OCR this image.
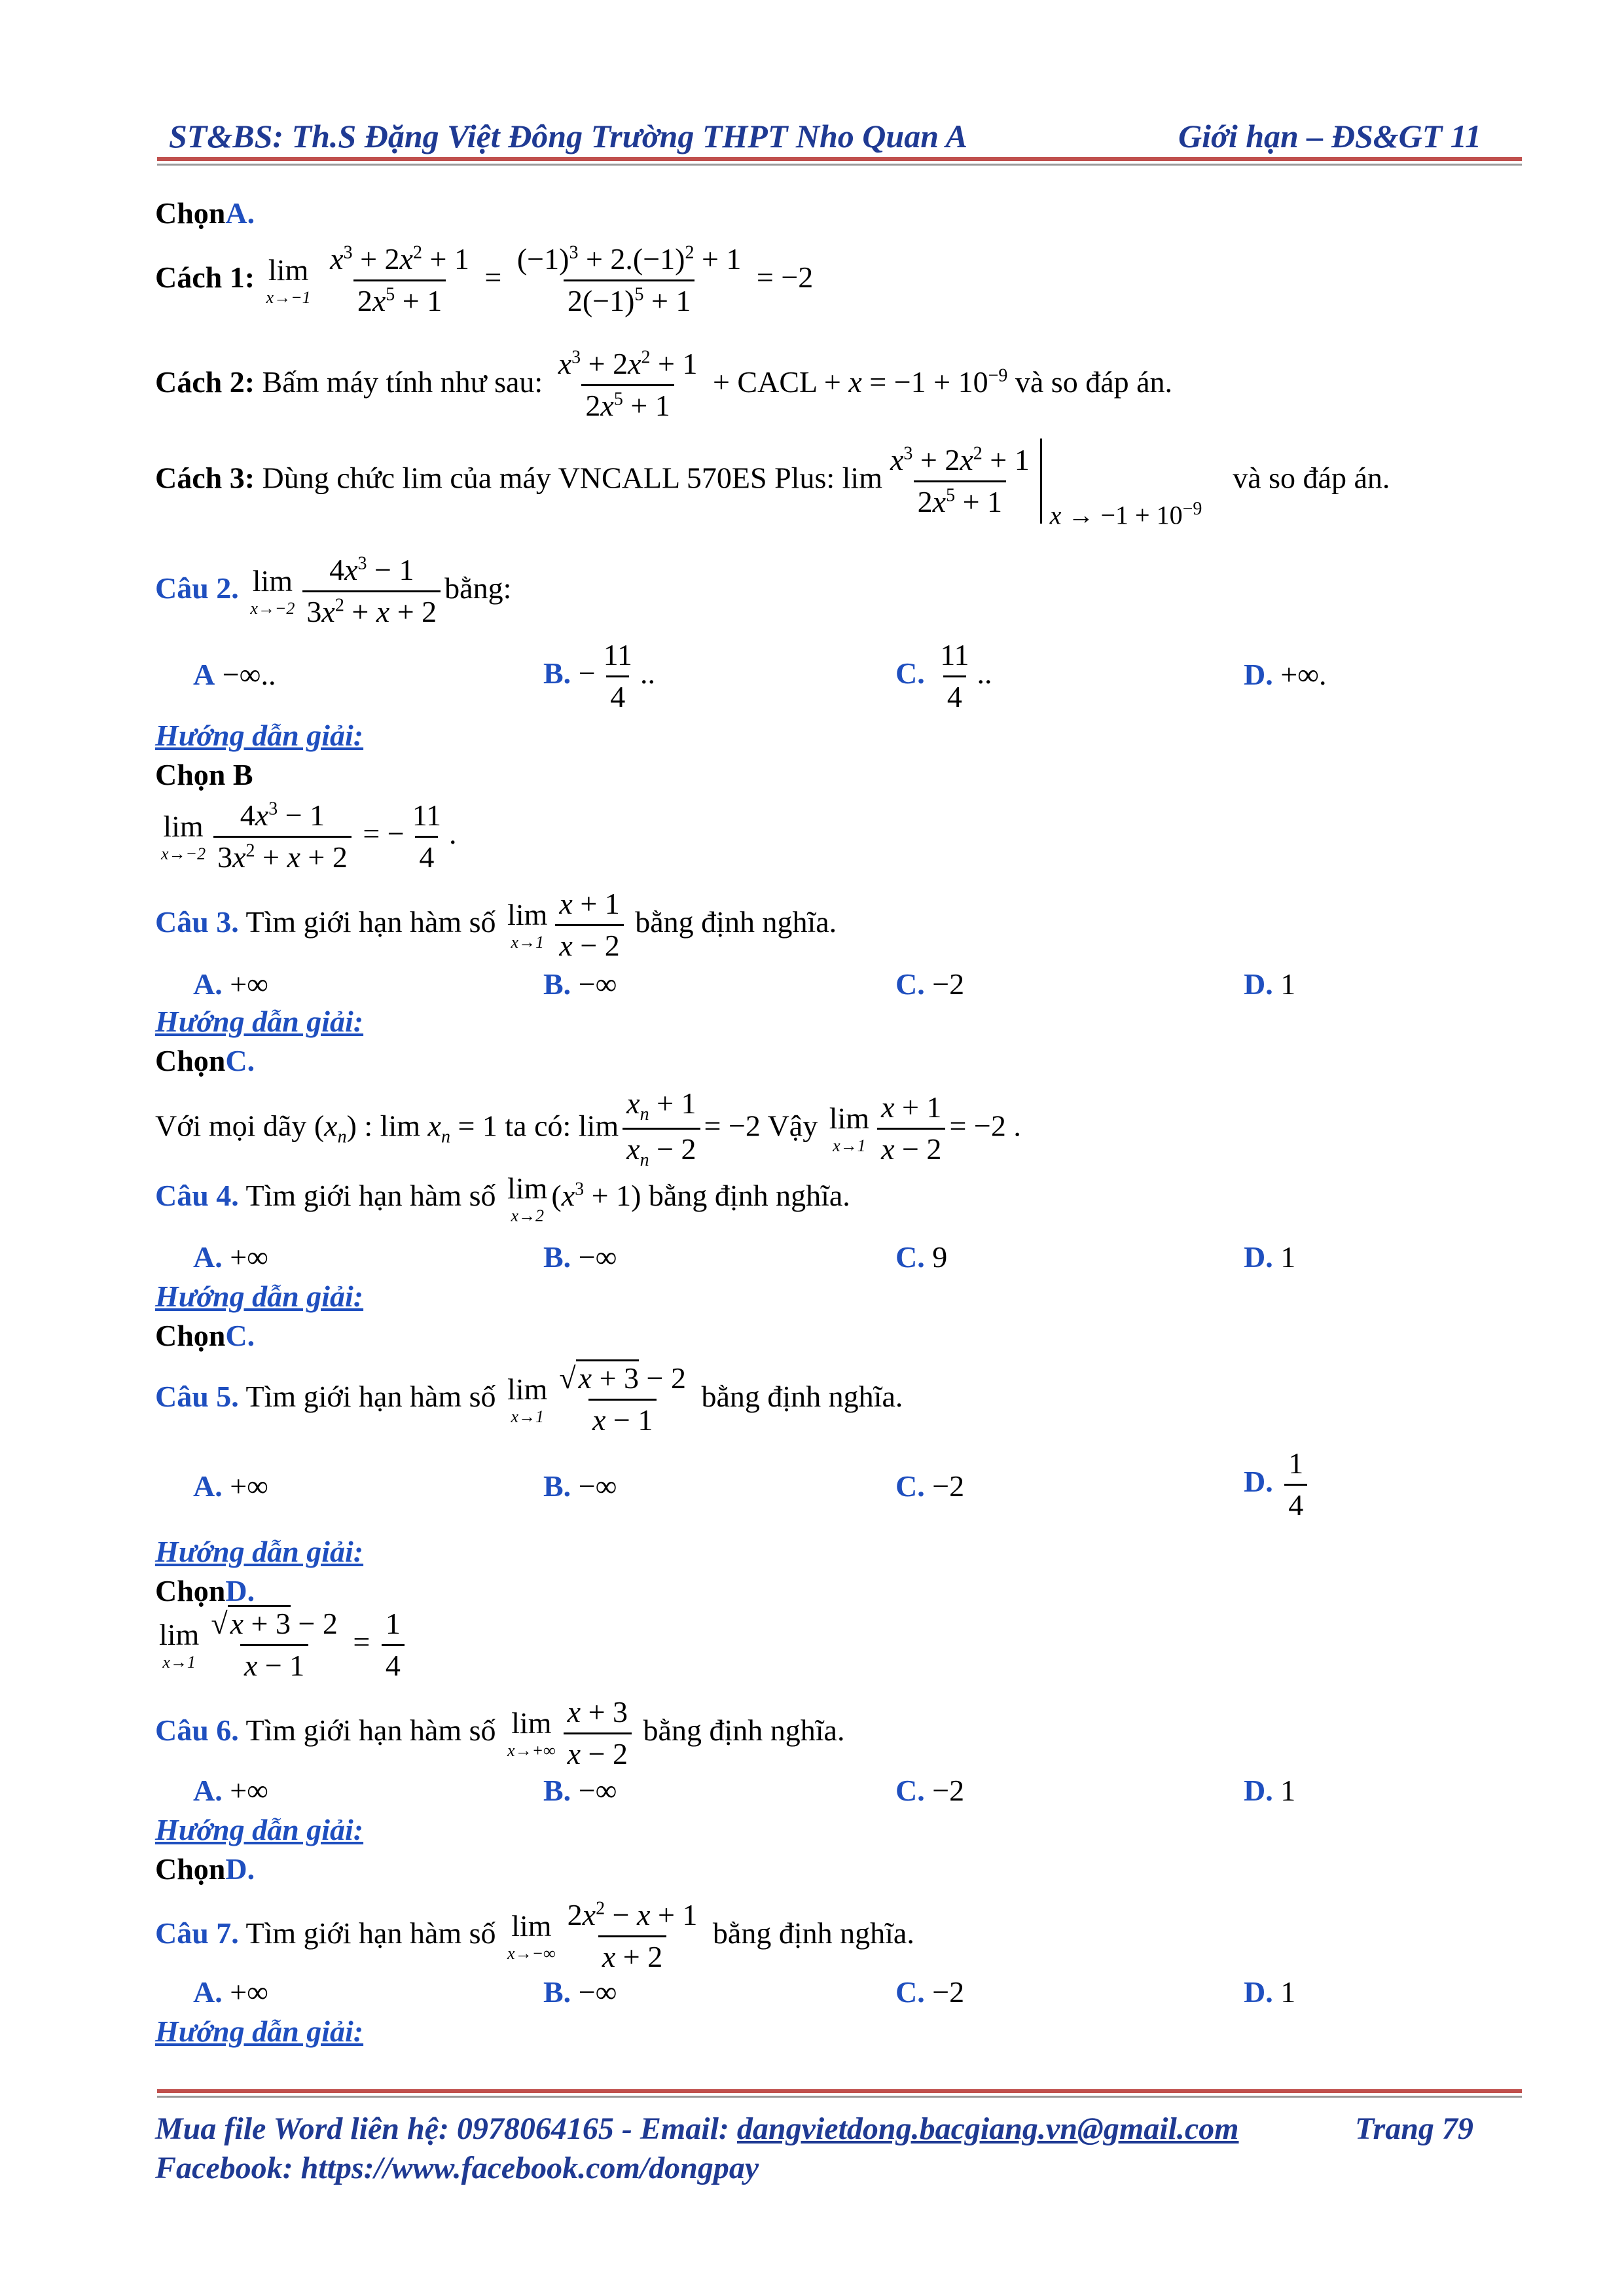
ST&BS: Th.S Đặng Việt Đông Trường THPT Nho Quan A	Giới hạn – ĐS&GT 11
ChọnA.
Cách 1: lim
x→−1
$\frac{x^3 + 2x^2 + 1}{2x^5 + 1} = \frac{(-1)^3 + 2.(-1)^2 + 1}{2(-1)^5 + 1} = -2$
Cách 2: Bấm máy tính như sau: $\frac{x^3 + 2x^2 + 1}{2x^5 + 1}$ + CACL + $x = -1 + 10^{-9}$ và so đáp án.
Cách 3: Dùng chức lim của máy VNCALL 570ES Plus: $\lim \frac{x^3 + 2x^2 + 1}{2x^5 + 1}$ $x \to -1 + 10^{-9}$
và so đáp án.
Câu 2. lim
$x\to-2 \frac{4x^3 - 1}{3x^2 + x + 2}$ bằng:
A −∞..	B. − $\frac{11}{4}$ ..	C. $\frac{11}{4}$ ..	D. +∞.
Hướng dẫn giải:
Chọn B
lim
$x\to-2 \frac{4x^3 - 1}{3x^2 + x + 2}$ = − $\frac{11}{4}$ .
Câu 3. Tìm giới hạn hàm số lim
$x\to 1 \frac{x + 1}{x - 2}$ bằng định nghĩa.
A. +∞	B. −∞	C. −2	D. 1
Hướng dẫn giải:
ChọnC.
Với mọi dãy $(x_n)$ : $\lim x_n = 1$ ta có: $\lim \frac{x_n + 1}{x_n - 2} = -2$ Vậy lim
$x\to 1 \frac{x + 1}{x - 2} = -2$ .
Câu 4. Tìm giới hạn hàm số lim
x→2
$(x^3 + 1)$ bằng định nghĩa.
A. +∞	B. −∞	C. 9	D. 1
Hướng dẫn giải:
ChọnC.
Câu 5. Tìm giới hạn hàm số lim
$x\to 1 \frac{√x + 3 - 2}{x - 1}$ bằng định nghĩa.
A. +∞	B. −∞	C. −2	D. $\frac{1}{4}$
Hướng dẫn giải:
ChọnD.
lim
$x\to 1 \frac{√x + 3 - 2}{x - 1} = \frac{1}{4}$
Câu 6. Tìm giới hạn hàm số lim
$x\to+\infty \frac{x + 3}{x - 2}$ bằng định nghĩa.
A. +∞	B. −∞	C. −2	D. 1
Hướng dẫn giải:
ChọnD.
Câu 7. Tìm giới hạn hàm số lim
$x\to-\infty \frac{2x^2 - x + 1}{x + 2}$ bằng định nghĩa.
A. +∞	B. −∞	C. −2	D. 1
Hướng dẫn giải:
Mua file Word liên hệ: 0978064165 - Email: dangvietdong.bacgiang.vn@gmail.com	Trang 79
Facebook: https://www.facebook.com/dongpay
